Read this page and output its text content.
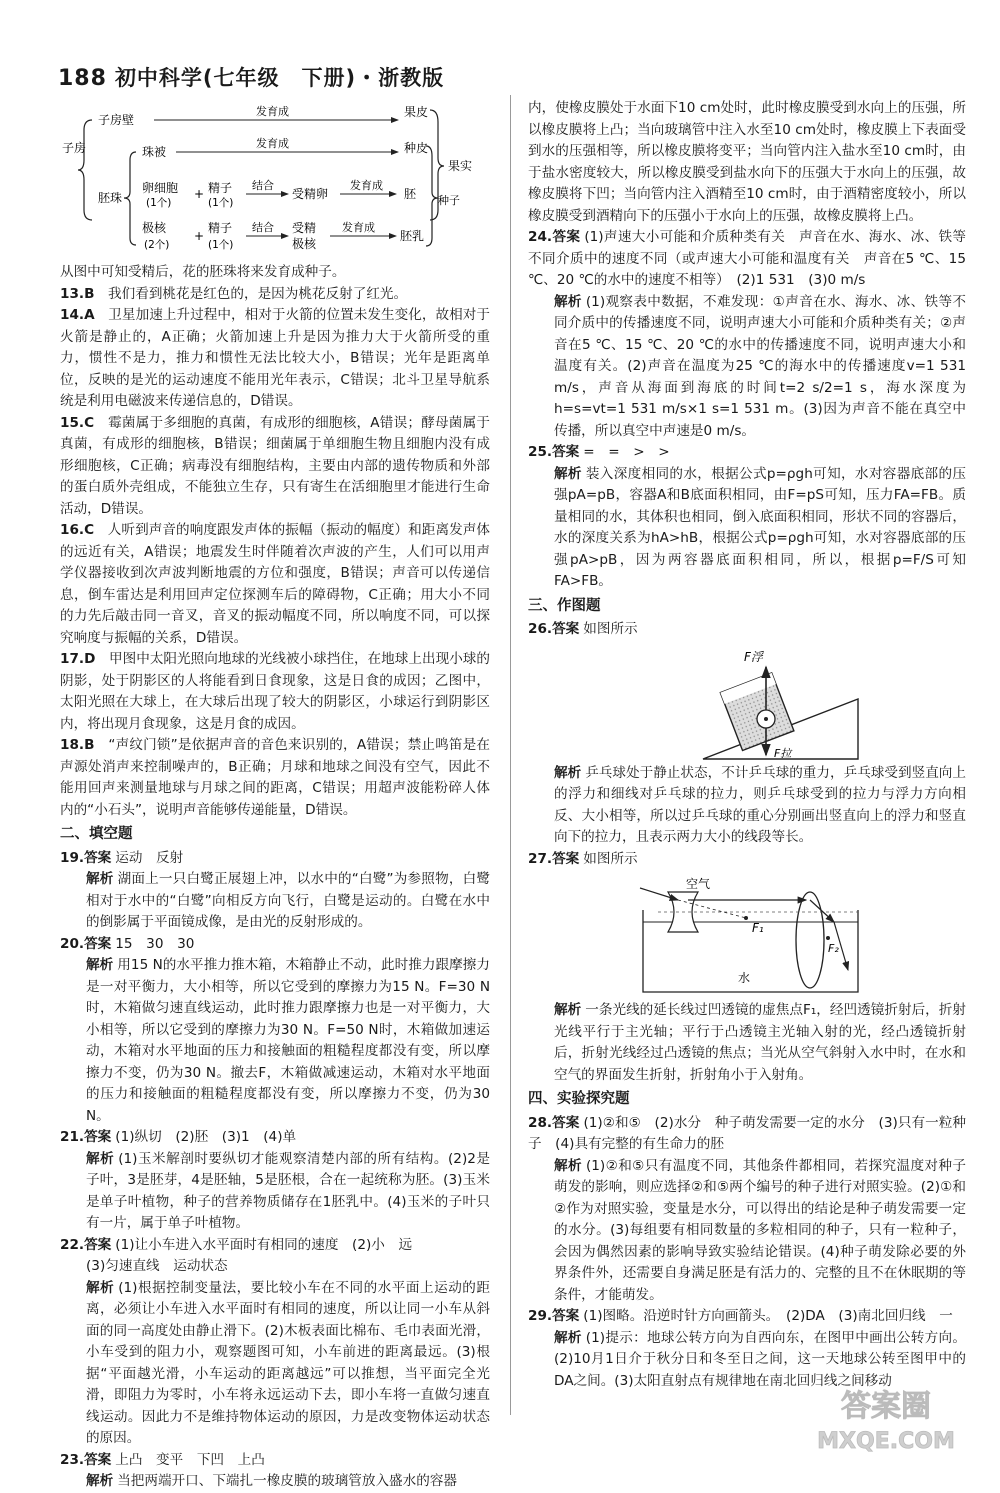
188 初中科学(七年级　下册)・浙教版
子房
子房壁
发育成	果皮
果实
胚珠
珠被
发育成	种皮
种子
卵细胞
(1个)
+ 精子
(1个)
结合
受精卵
发育成
胚
极核
(2个)
+
精子
(1个)
结合 受精
极核
发育成
胚乳

从图中可知受精后，花的胚珠将来发育成种子。

13.B　 我们看到桃花是红色的，是因为桃花反射了红光。

14.A　 卫星加速上升过程中，相对于火箭的位置未发生变化，故相对于火箭是静止的，A正确；火箭加速上升是因为推力大于火箭所受的重力，惯性不是力，推力和惯性无法比较大小，B错误；光年是距离单位，反映的是光的运动速度不能用光年表示，C错误；北斗卫星导航系统是利用电磁波来传递信息的，D错误。

15.C　 霉菌属于多细胞的真菌，有成形的细胞核，A错误；酵母菌属于真菌，有成形的细胞核，B错误；细菌属于单细胞生物且细胞内没有成形细胞核，C正确；病毒没有细胞结构，主要由内部的遗传物质和外部的蛋白质外壳组成，不能独立生存，只有寄生在活细胞里才能进行生命活动，D错误。

16.C　 人听到声音的响度跟发声体的振幅（振动的幅度）和距离发声体的远近有关，A错误；地震发生时伴随着次声波的产生，人们可以用声学仪器接收到次声波判断地震的方位和强度，B错误；声音可以传递信息，倒车雷达是利用回声定位探测车后的障碍物，C正确；用大小不同的力先后敲击同一音叉，音叉的振动幅度不同，所以响度不同，可以探究响度与振幅的关系，D错误。

17.D　 甲图中太阳光照向地球的光线被小球挡住，在地球上出现小球的阴影，处于阴影区的人将能看到日食现象，这是日食的成因；乙图中，太阳光照在大球上，在大球后出现了较大的阴影区，小球运行到阴影区内，将出现月食现象，这是月食的成因。

18.B　 “声纹门锁”是依据声音的音色来识别的，A错误；禁止鸣笛是在声源处消声来控制噪声的，B正确；月球和地球之间没有空气，因此不能用回声来测量地球与月球之间的距离，C错误；用超声波能粉碎人体内的“小石头”，说明声音能够传递能量，D错误。

二、填空题

19.答案 运动　反射

解析 湖面上一只白鹭正展翅上冲，以水中的“白鹭”为参照物，白鹭相对于水中的“白鹭”向相反方向飞行，白鹭是运动的。白鹭在水中的倒影属于平面镜成像，是由光的反射形成的。

20.答案 15　30　30

解析 用15 N的水平推力推木箱，木箱静止不动，此时推力跟摩擦力是一对平衡力，大小相等，所以它受到的摩擦力为15 N。F=30 N时，木箱做匀速直线运动，此时推力跟摩擦力也是一对平衡力，大小相等，所以它受到的摩擦力为30 N。F=50 N时，木箱做加速运动，木箱对水平地面的压力和接触面的粗糙程度都没有变，所以摩擦力不变，仍为30 N。撤去F，木箱做减速运动，木箱对水平地面的压力和接触面的粗糙程度都没有变，所以摩擦力不变，仍为30 N。

21.答案 (1)纵切　(2)胚　(3)1　(4)单

解析 (1)玉米解剖时要纵切才能观察清楚内部的所有结构。(2)2是子叶，3是胚芽，4是胚轴，5是胚根，合在一起统称为胚。(3)玉米是单子叶植物，种子的营养物质储存在1胚乳中。(4)玉米的子叶只有一片，属于单子叶植物。

22.答案 (1)让小车进入水平面时有相同的速度　(2)小　远

(3)匀速直线　运动状态

解析 (1)根据控制变量法，要比较小车在不同的水平面上运动的距离，必须让小车进入水平面时有相同的速度，所以让同一小车从斜面的同一高度处由静止滑下。(2)木板表面比棉布、毛巾表面光滑，小车受到的阻力小，观察题图可知，小车前进的距离最远。(3)根据“平面越光滑，小车运动的距离越远”可以推想，当平面完全光滑，即阻力为零时，小车将永远运动下去，即小车将一直做匀速直线运动。因此力不是维持物体运动的原因，力是改变物体运动状态的原因。

23.答案 上凸　变平　下凹　上凸

解析 当把两端开口、下端扎一橡皮膜的玻璃管放入盛水的容器

内，使橡皮膜处于水面下10 cm处时，此时橡皮膜受到水向上的压强，所以橡皮膜将上凸；当向玻璃管中注入水至10 cm处时，橡皮膜上下表面受到水的压强相等，所以橡皮膜将变平；当向管内注入盐水至10 cm时，由于盐水密度较大，所以橡皮膜受到盐水向下的压强大于水向上的压强，故橡皮膜将下凹；当向管内注入酒精至10 cm时，由于酒精密度较小，所以橡皮膜受到酒精向下的压强小于水向上的压强，故橡皮膜将上凸。

24.答案 (1)声速大小可能和介质种类有关　声音在水、海水、冰、铁等不同介质中的速度不同（或声速大小可能和温度有关　声音在5 ℃、15 ℃、20 ℃的水中的速度不相等）　(2)1 531　(3)0 m/s

解析 (1)观察表中数据，不难发现：①声音在水、海水、冰、铁等不同介质中的传播速度不同，说明声速大小可能和介质种类有关；②声音在5 ℃、15 ℃、20 ℃的水中的传播速度不同，说明声速大小和温度有关。(2)声音在温度为25 ℃的海水中的传播速度v=1 531 m/s，声音从海面到海底的时间t=2 s/2=1 s，海水深度为h=s=vt=1 531 m/s×1 s=1 531 m。(3)因为声音不能在真空中传播，所以真空中声速是0 m/s。

25.答案 =　=　>　>

解析 装入深度相同的水，根据公式p=ρgh可知，水对容器底部的压强pA=pB，容器A和B底面积相同，由F=pS可知，压力FA=FB。质量相同的水，其体积也相同，倒入底面积相同，形状不同的容器后，水的深度关系为hA>hB，根据公式p=ρgh可知，水对容器底部的压强pA>pB，因为两容器底面积相同，所以，根据p=F/S可知FA>FB。

三、作图题

26.答案 如图所示

F浮
F拉

解析 乒乓球处于静止状态，不计乒乓球的重力，乒乓球受到竖直向上的浮力和细线对乒乓球的拉力，则乒乓球受到的拉力与浮力方向相反、大小相等，所以过乒乓球的重心分别画出竖直向上的浮力和竖直向下的拉力，且表示两力大小的线段等长。

27.答案 如图所示

空气
水
F₁
F₂

解析 一条光线的延长线过凹透镜的虚焦点F₁，经凹透镜折射后，折射光线平行于主光轴；平行于凸透镜主光轴入射的光，经凸透镜折射后，折射光线经过凸透镜的焦点；当光从空气斜射入水中时，在水和空气的界面发生折射，折射角小于入射角。

四、实验探究题

28.答案 (1)②和⑤　(2)水分　种子萌发需要一定的水分　(3)只有一粒种子　(4)具有完整的有生命力的胚

解析 (1)②和⑤只有温度不同，其他条件都相同，若探究温度对种子萌发的影响，则应选择②和⑤两个编号的种子进行对照实验。(2)①和②作为对照实验，变量是水分，可以得出的结论是种子萌发需要一定的水分。(3)每组要有相同数量的多粒相同的种子，只有一粒种子，会因为偶然因素的影响导致实验结论错误。(4)种子萌发除必要的外界条件外，还需要自身满足胚是有活力的、完整的且不在休眠期的等条件，才能萌发。

29.答案 (1)图略。沿逆时针方向画箭头。　(2)DA　(3)南北回归线　一

解析 (1)提示：地球公转方向为自西向东，在图甲中画出公转方向。(2)10月1日介于秋分日和冬至日之间，这一天地球公转至图甲中的DA之间。(3)太阳直射点有规律地在南北回归线之间移动

答案圈
MXQE.COM
